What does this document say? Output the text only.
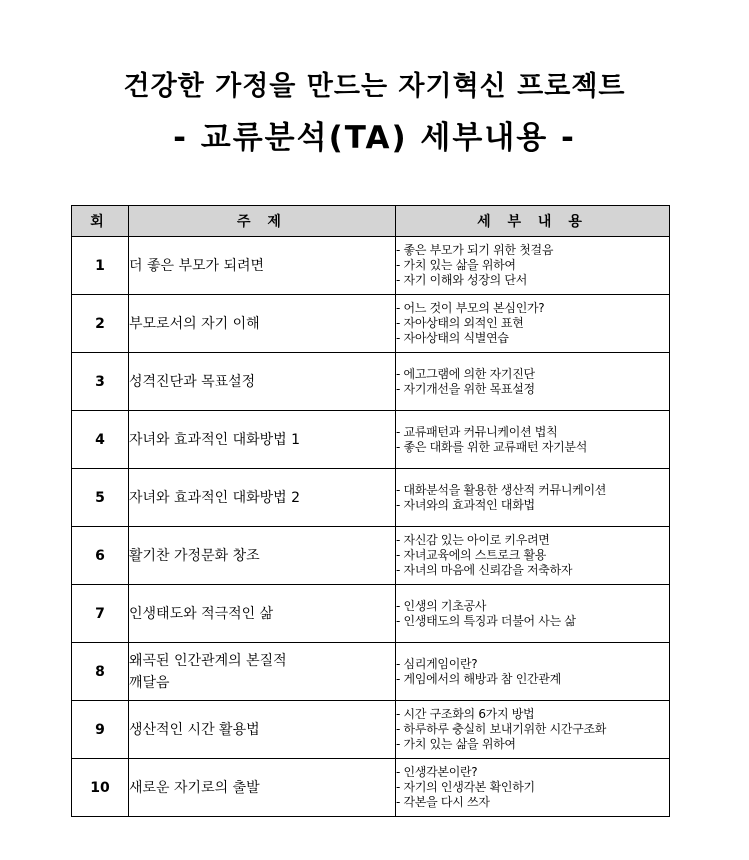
건강한 가정을 만드는 자기혁신 프로젝트
- 교류분석(TA) 세부내용 -
회	주 제	세 부 내 용
1	더 좋은 부모가 되려면	- 좋은 부모가 되기 위한 첫걸음
- 가치 있는 삶을 위하여
- 자기 이해와 성장의 단서

2	부모로서의 자기 이해	- 어느 것이 부모의 본심인가?
- 자아상태의 외적인 표현
- 자아상태의 식별연습

3	성격진단과 목표설정	- 에고그램에 의한 자기진단
- 자기개선을 위한 목표설정

4	자녀와 효과적인 대화방법 1	- 교류패턴과 커뮤니케이션 법칙
- 좋은 대화를 위한 교류패턴 자기분석

5	자녀와 효과적인 대화방법 2	- 대화분석을 활용한 생산적 커뮤니케이션
- 자녀와의 효과적인 대화법

6	활기찬 가정문화 창조	- 자신감 있는 아이로 키우려면
- 자녀교육에의 스트로크 활용
- 자녀의 마음에 신뢰감을 저축하자

7	인생태도와 적극적인 삶	- 인생의 기초공사
- 인생태도의 특징과 더불어 사는 삶

8	왜곡된 인간관계의 본질적
깨달음	- 심리게임이란?
- 게임에서의 해방과 참 인간관계

9	생산적인 시간 활용법	- 시간 구조화의 6가지 방법
- 하루하루 충실히 보내기위한 시간구조화
- 가치 있는 삶을 위하여

10	새로운 자기로의 출발	- 인생각본이란?
- 자기의 인생각본 확인하기
- 각본을 다시 쓰자
